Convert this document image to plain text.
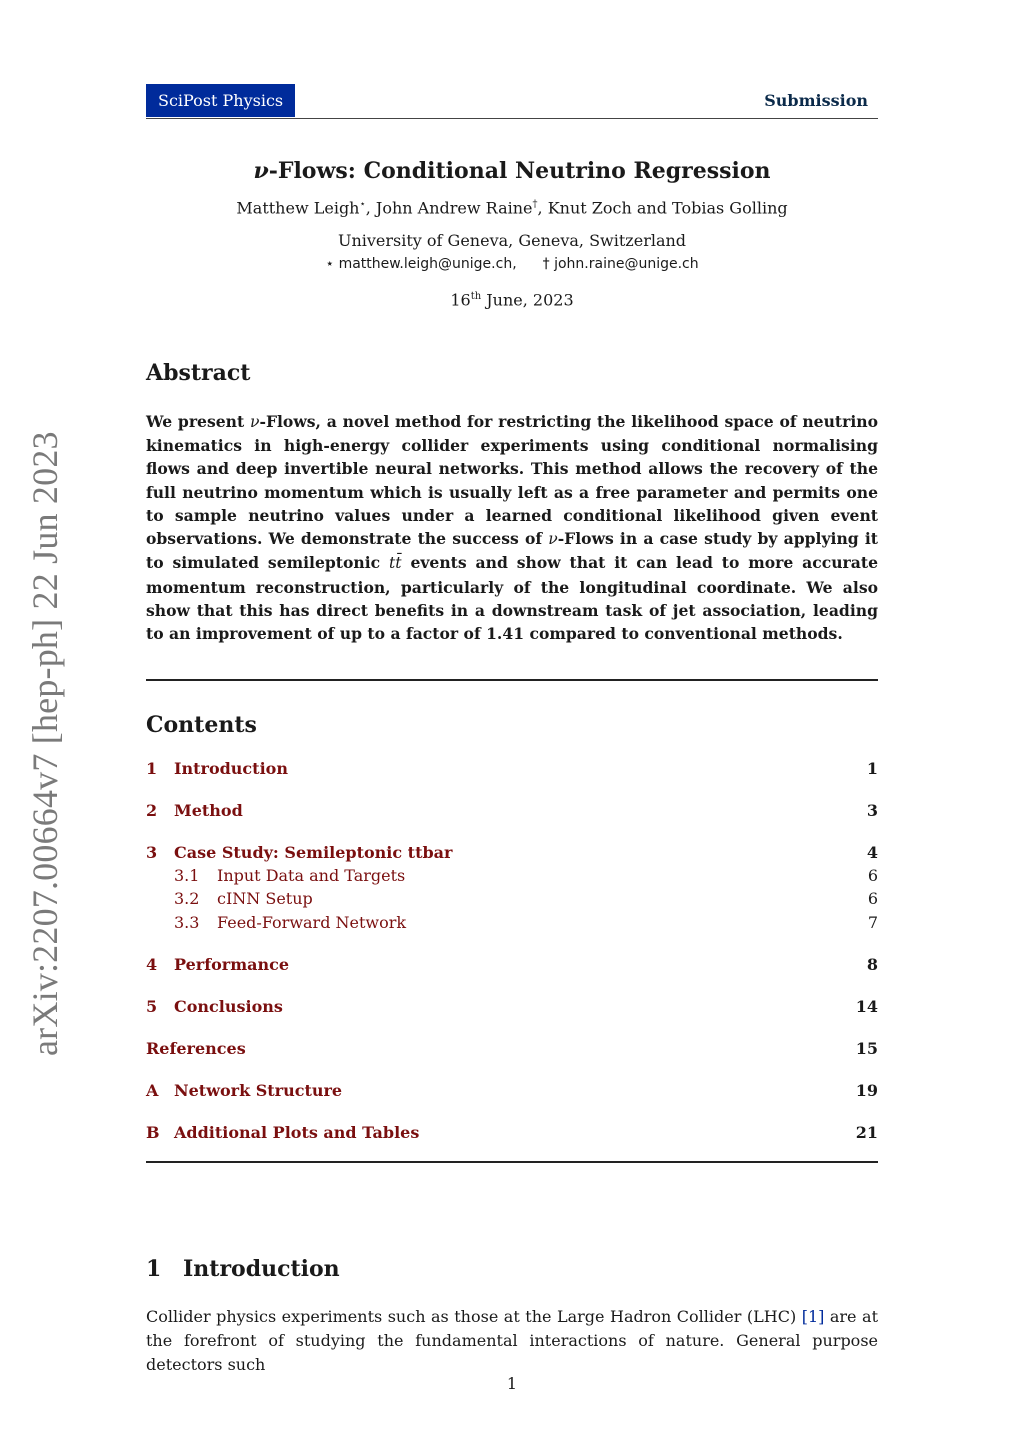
arXiv:2207.00664v7 [hep-ph] 22 Jun 2023
SciPost Physics	Submission
ν-Flows: Conditional Neutrino Regression
Matthew Leigh⋆, John Andrew Raine†, Knut Zoch and Tobias Golling
University of Geneva, Geneva, Switzerland
⋆ matthew.leigh@unige.ch, † john.raine@unige.ch
16th June, 2023
Abstract
We present ν-Flows, a novel method for restricting the likelihood space of neutrino kinematics in high-energy collider experiments using conditional normalising flows and deep invertible neural networks. This method allows the recovery of the full neutrino momentum which is usually left as a free parameter and permits one to sample neutrino values under a learned conditional likelihood given event observations. We demonstrate the success of ν-Flows in a case study by applying it to simulated semileptonic tt̄ events and show that it can lead to more accurate momentum reconstruction, particularly of the longitudinal coordinate. We also show that this has direct benefits in a downstream task of jet association, leading to an improvement of up to a factor of 1.41 compared to conventional methods.
Contents
1	Introduction	1
2	Method	3
3	Case Study: Semileptonic ttbar	4
3.1	Input Data and Targets	6
3.2	cINN Setup	6
3.3	Feed-Forward Network	7
4	Performance	8
5	Conclusions	14
References	15
A Network Structure	19
B Additional Plots and Tables	21
1 Introduction
Collider physics experiments such as those at the Large Hadron Collider (LHC) [1] are at the forefront of studying the fundamental interactions of nature. General purpose detectors such
1
